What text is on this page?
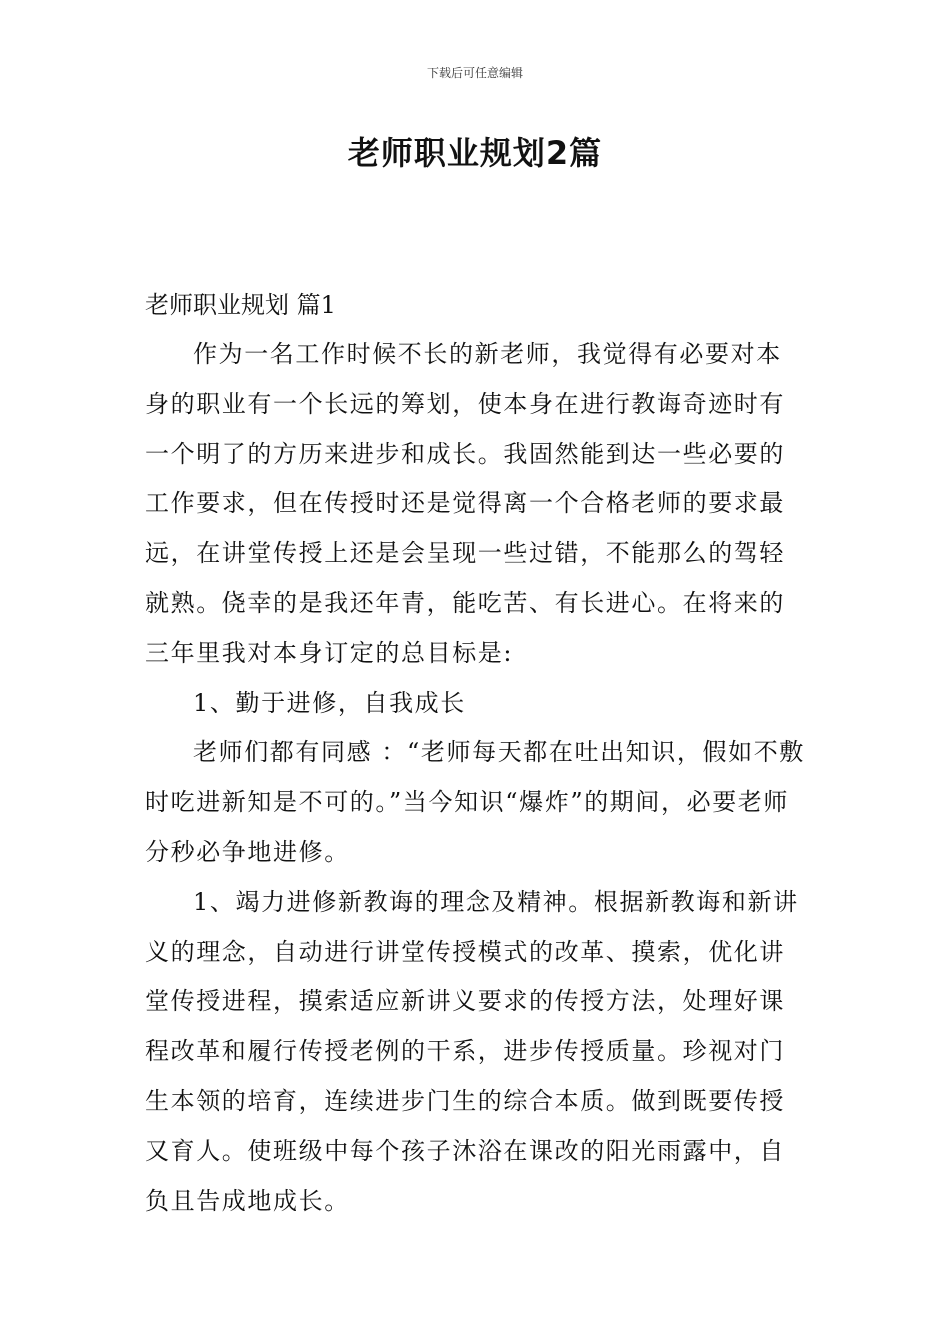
下载后可任意编辑
老师职业规划2篇

老师职业规划 篇1

作为一名工作时候不长的新老师，我觉得有必要对本身的职业有一个长远的筹划，使本身在进行教诲奇迹时有一个明了的方历来进步和成长。我固然能到达一些必要的工作要求，但在传授时还是觉得离一个合格老师的要求最远，在讲堂传授上还是会呈现一些过错，不能那么的驾轻就熟。侥幸的是我还年青，能吃苦、有长进心。在将来的三年里我对本身订定的总目标是:

1、勤于进修，自我成长

老师们都有同感 ：“老师每天都在吐出知识，假如不敷时吃进新知是不可的。”当今知识“爆炸”的期间，必要老师分秒必争地进修。

1、竭力进修新教诲的理念及精神。根据新教诲和新讲义的理念，自动进行讲堂传授模式的改革、摸索，优化讲堂传授进程，摸索适应新讲义要求的传授方法，处理好课程改革和履行传授老例的干系，进步传授质量。珍视对门生本领的培育，连续进步门生的综合本质。做到既要传授又育人。使班级中每个孩子沐浴在课改的阳光雨露中，自负且告成地成长。
